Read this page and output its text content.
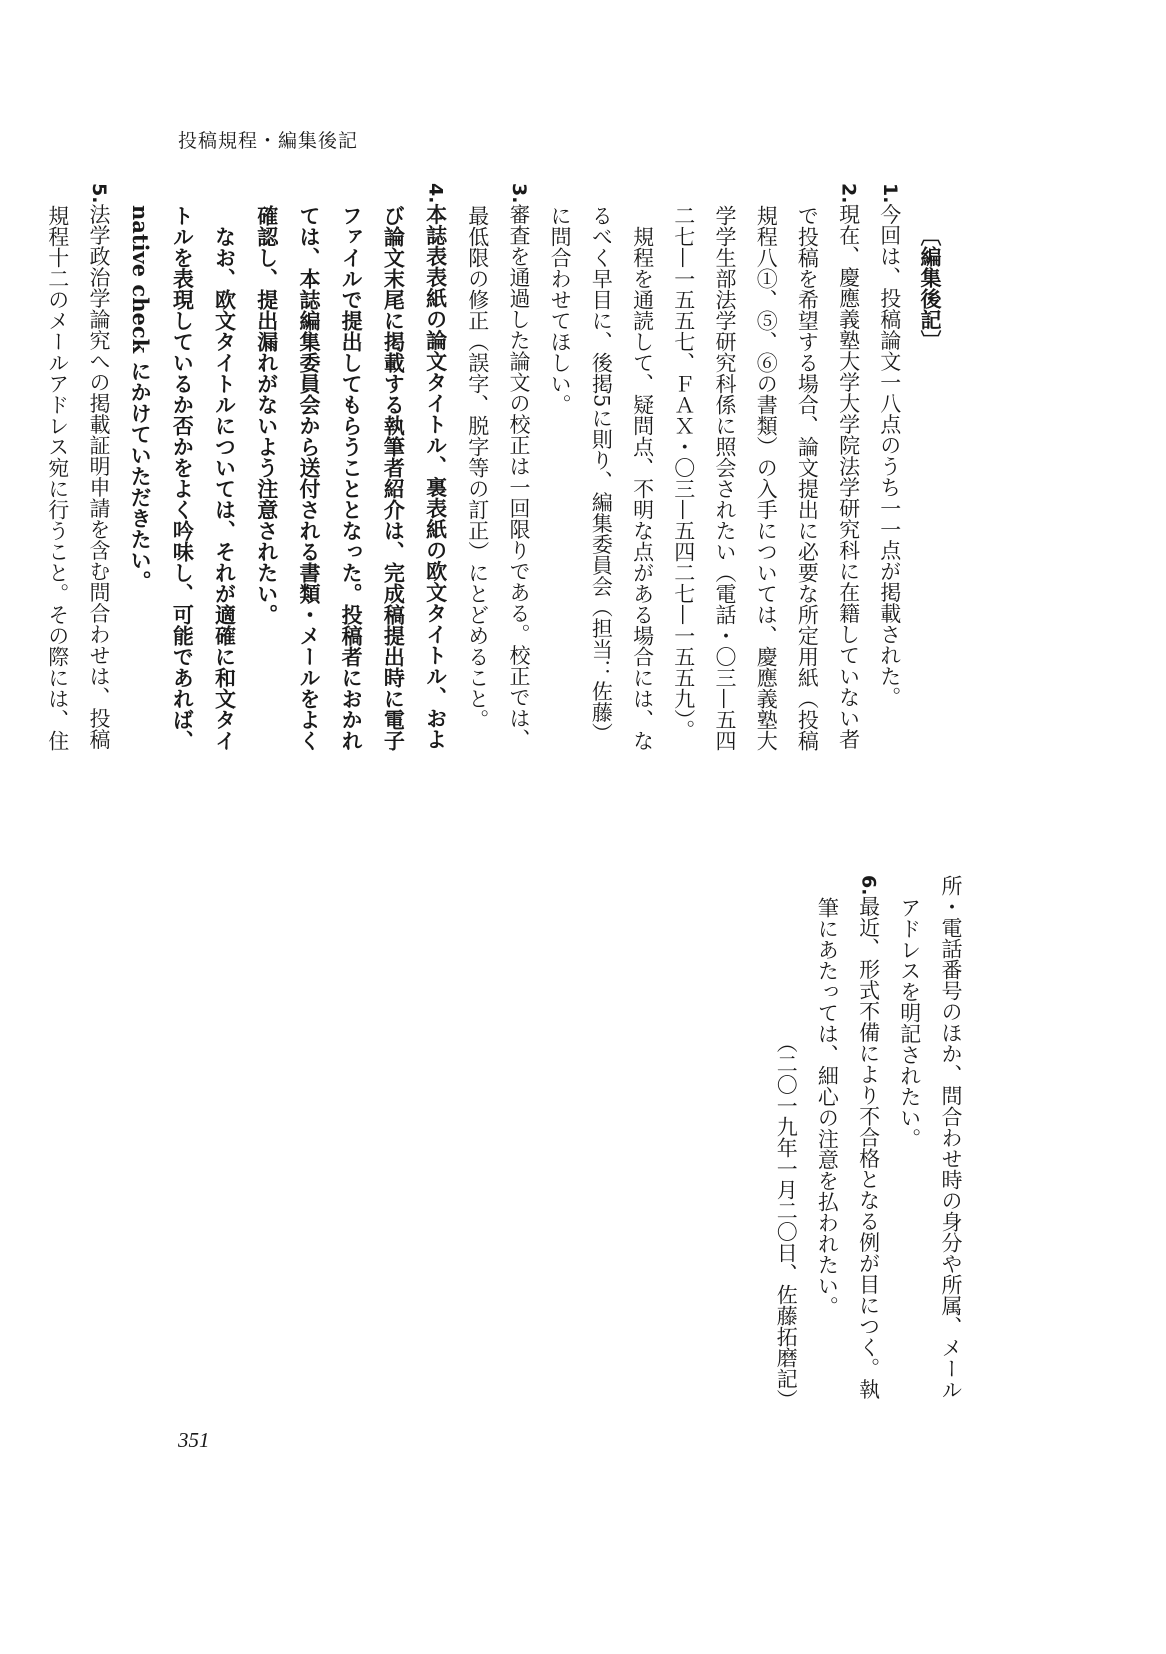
投稿規程・編集後記

〔編集後記〕

1.今回は、投稿論文一八点のうち一一点が掲載された。

2.現在、慶應義塾大学大学院法学研究科に在籍していない者で投稿を希望する場合、論文提出に必要な所定用紙（投稿規程八①、⑤、⑥の書類）の入手については、慶應義塾大学学生部法学研究科係に照会されたい（電話・〇三—五四二七—一五五七、ＦＡＸ・〇三—五四二七—一五五九）。

規程を通読して、疑問点、不明な点がある場合には、なるべく早目に、後掲5に則り、編集委員会（担当：佐藤）に問合わせてほしい。

3.審査を通過した論文の校正は一回限りである。校正では、最低限の修正（誤字、脱字等の訂正）にとどめること。

4.本誌表表紙の論文タイトル、裏表紙の欧文タイトル、および論文末尾に掲載する執筆者紹介は、完成稿提出時に電子ファイルで提出してもらうこととなった。投稿者におかれては、本誌編集委員会から送付される書類・メールをよく確認し、提出漏れがないよう注意されたい。

なお、欧文タイトルについては、それが適確に和文タイトルを表現しているか否かをよく吟味し、可能であれば、native check にかけていただきたい。

5.法学政治学論究への掲載証明申請を含む問合わせは、投稿規程十二のメールアドレス宛に行うこと。その際には、住

所・電話番号のほか、問合わせ時の身分や所属、メールアドレスを明記されたい。

6.最近、形式不備により不合格となる例が目につく。執筆にあたっては、細心の注意を払われたい。

（二〇一九年一月二〇日、佐藤拓磨記）

351
